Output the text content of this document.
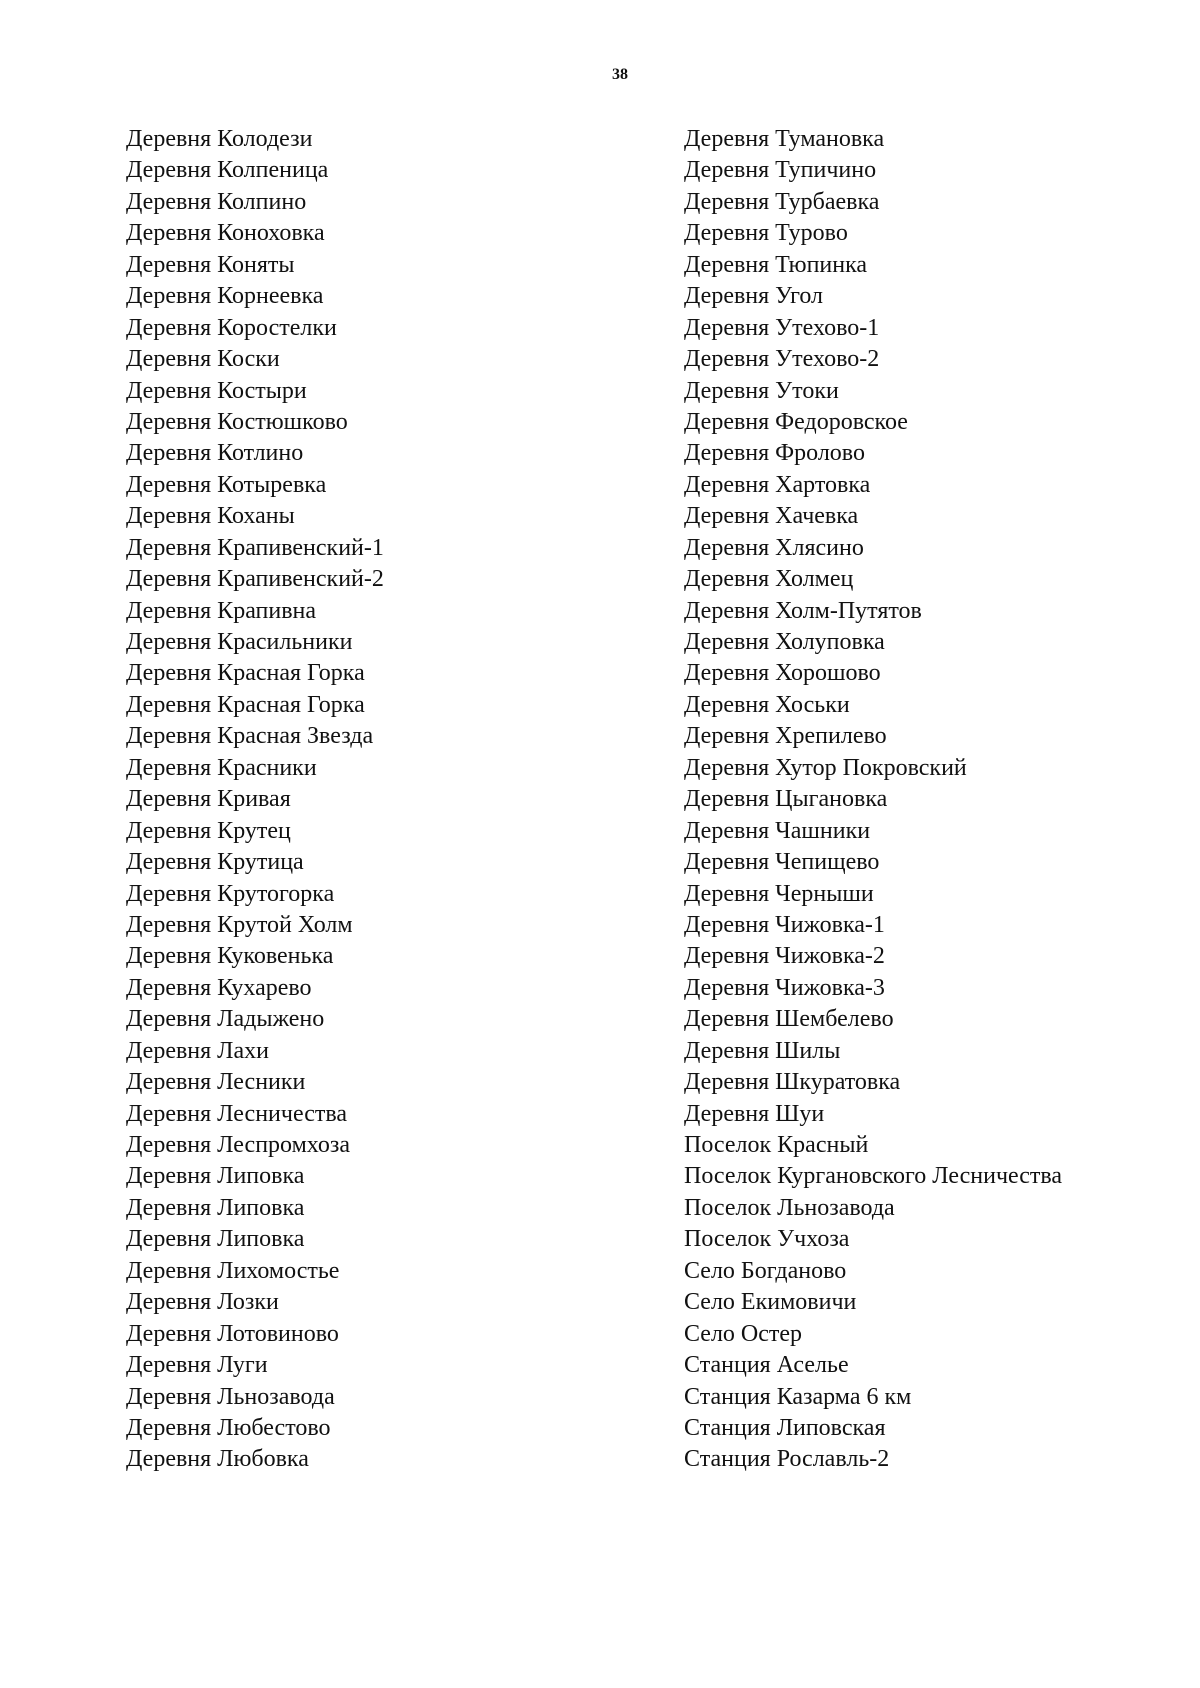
38
Деревня Колодези
Деревня Колпеница
Деревня Колпино
Деревня Коноховка
Деревня Коняты
Деревня Корнеевка
Деревня Коростелки
Деревня Коски
Деревня Костыри
Деревня Костюшково
Деревня Котлино
Деревня Котыревка
Деревня Коханы
Деревня Крапивенский-1
Деревня Крапивенский-2
Деревня Крапивна
Деревня Красильники
Деревня Красная Горка
Деревня Красная Горка
Деревня Красная Звезда
Деревня Красники
Деревня Кривая
Деревня Крутец
Деревня Крутица
Деревня Крутогорка
Деревня Крутой Холм
Деревня Куковенька
Деревня Кухарево
Деревня Ладыжено
Деревня Лахи
Деревня Лесники
Деревня Лесничества
Деревня Леспромхоза
Деревня Липовка
Деревня Липовка
Деревня Липовка
Деревня Лихомостье
Деревня Лозки
Деревня Лотовиново
Деревня Луги
Деревня Льнозавода
Деревня Любестово
Деревня Любовка
Деревня Тумановка
Деревня Тупичино
Деревня Турбаевка
Деревня Турово
Деревня Тюпинка
Деревня Угол
Деревня Утехово-1
Деревня Утехово-2
Деревня Утоки
Деревня Федоровское
Деревня Фролово
Деревня Хартовка
Деревня Хачевка
Деревня Хлясино
Деревня Холмец
Деревня Холм-Путятов
Деревня Холуповка
Деревня Хорошово
Деревня Хоськи
Деревня Хрепилево
Деревня Хутор Покровский
Деревня Цыгановка
Деревня Чашники
Деревня Чепищево
Деревня Черныши
Деревня Чижовка-1
Деревня Чижовка-2
Деревня Чижовка-3
Деревня Шембелево
Деревня Шилы
Деревня Шкуратовка
Деревня Шуи
Поселок Красный
Поселок Кургановского Лесничества
Поселок Льнозавода
Поселок Учхоза
Село Богданово
Село Екимовичи
Село Остер
Станция Аселье
Станция Казарма 6 км
Станция Липовская
Станция Рославль-2
